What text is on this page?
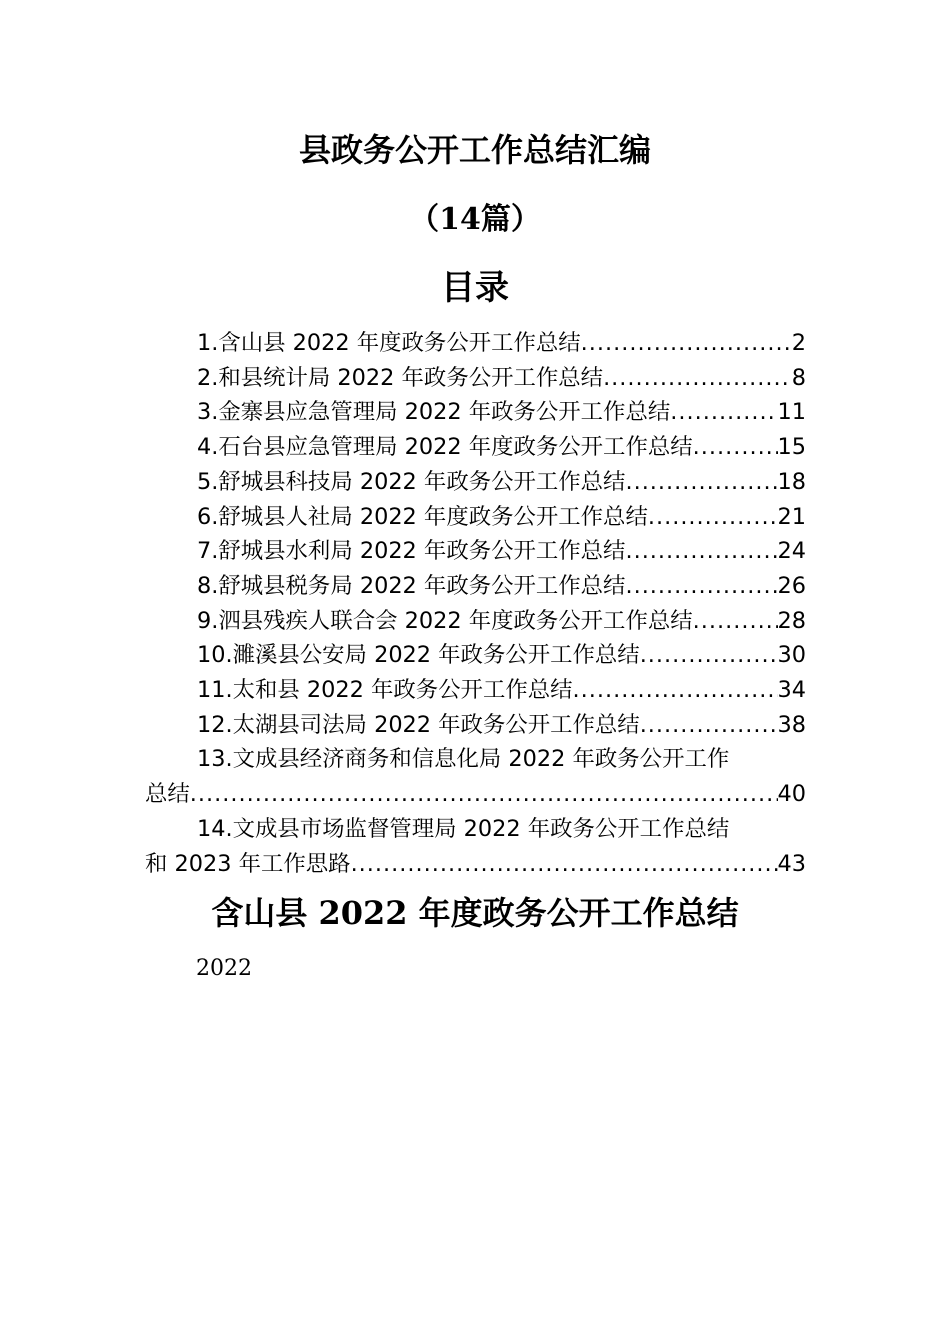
县政务公开工作总结汇编
（14篇）
目录
1.含山县 2022 年度政务公开工作总结 .....	2
2.和县统计局 2022 年政务公开工作总结 .....	8
3.金寨县应急管理局 2022 年政务公开工作总结 .....	11
4.石台县应急管理局 2022 年度政务公开工作总结 .....	15
5.舒城县科技局 2022 年政务公开工作总结 .....	18
6.舒城县人社局 2022 年度政务公开工作总结 .....	21
7.舒城县水利局 2022 年政务公开工作总结 .....	24
8.舒城县税务局 2022 年政务公开工作总结 .....	26
9.泗县残疾人联合会 2022 年度政务公开工作总结 .....	28
10.濉溪县公安局 2022 年政务公开工作总结 .....	30
11.太和县 2022 年政务公开工作总结 .....	34
12.太湖县司法局 2022 年政务公开工作总结 .....	38
13.文成县经济商务和信息化局 2022 年政务公开工作
总结 .....	40
14.文成县市场监督管理局 2022 年政务公开工作总结
和 2023 年工作思路 .....	43
含山县 2022 年度政务公开工作总结
2022
